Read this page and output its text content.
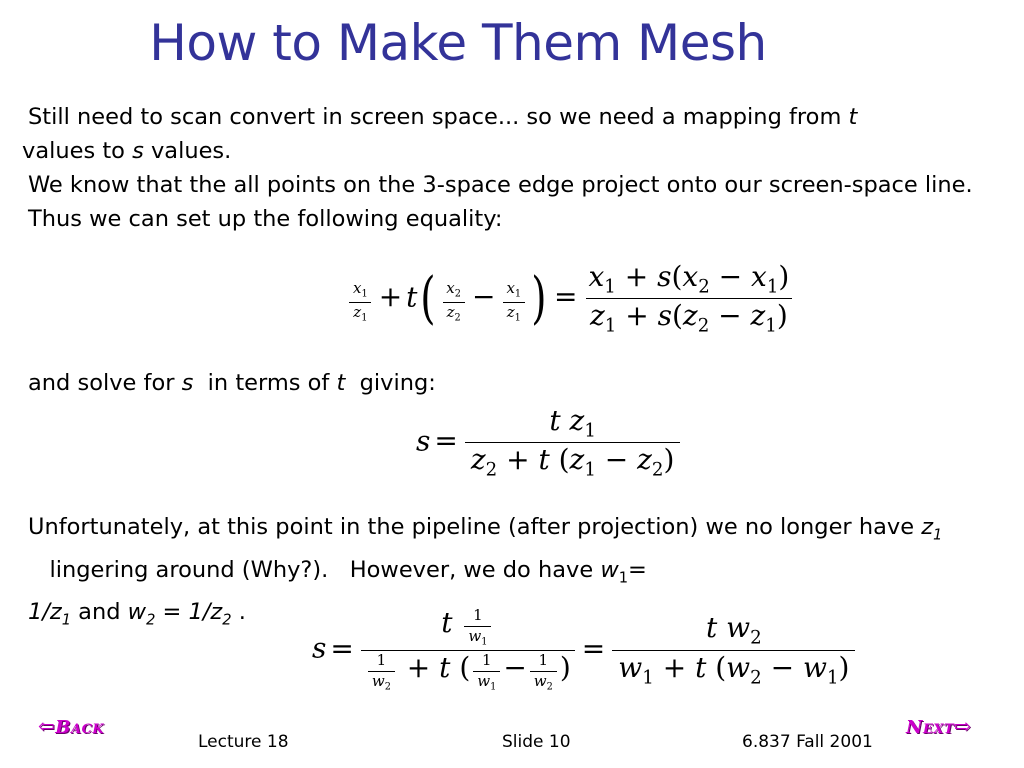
How to Make Them Mesh
Still need to scan convert in screen space... so we need a mapping from t
values to s values.
We know that the all points on the 3-space edge project onto our screen-space line. Thus we can set up the following equality:
$\frac{x_1}{z_1} + t( \frac{x_2}{z_2} - \frac{x_1}{z_1}$ ) = $\frac{x_1 + s(x_2 - x_1)}{z_1 + s(z_2 - z_1)}$
and solve for s  in terms of t  giving:
$s = \frac{t z_1}{z_2 + t (z_1 - z_2)}$
Unfortunately, at this point in the pipeline (after projection) we no longer have $z_1$   lingering around (Why?).   However, we do have $w_1=$
$1/z_1$ and $w_2 = 1/z_2$ .
$s = \frac{t \frac{1}{w_1}}{\frac{1}{w_2} + t ( \frac{1}{w_1} - \frac{1}{w_2} )} = \frac{t w_2}{w_1 + t (w_2 - w_1)}$
⇦Back	Next⇨
Lecture 18	Slide 10	6.837 Fall 2001
